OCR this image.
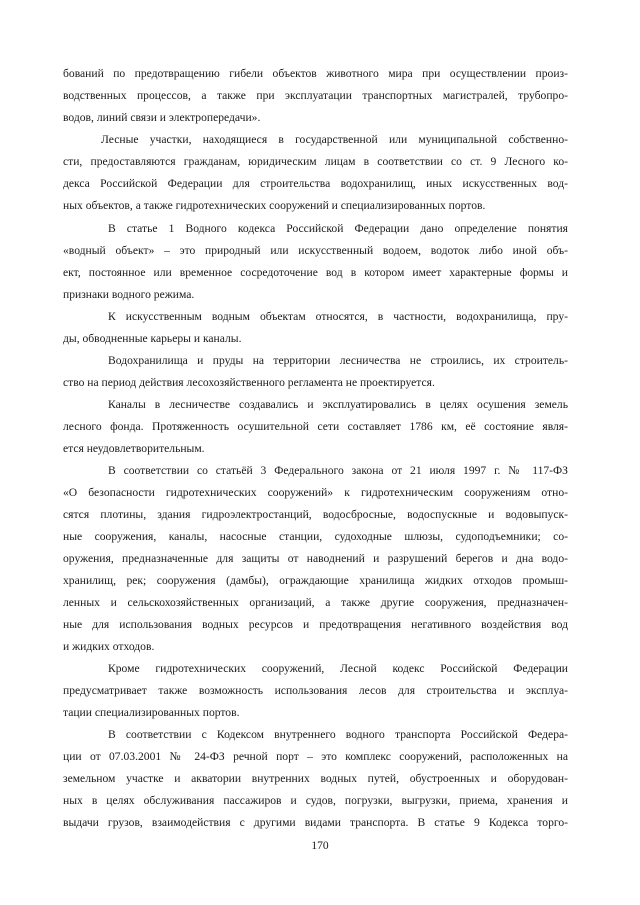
бований по предотвращению гибели объектов животного мира при осуществлении произ-
водственных процессов, а также при эксплуатации транспортных магистралей, трубопро-
водов, линий связи и электропередачи».
Лесные участки, находящиеся в государственной или муниципальной собственно-
сти, предоставляются гражданам, юридическим лицам в соответствии со ст. 9 Лесного ко-
декса Российской Федерации для строительства водохранилищ, иных искусственных вод-
ных объектов, а также гидротехнических сооружений и специализированных портов.
В статье 1 Водного кодекса Российской Федерации дано определение понятия
«водный объект» – это природный или искусственный водоем, водоток либо иной объ-
ект, постоянное или временное сосредоточение вод в котором имеет характерные формы и
признаки водного режима.
К искусственным водным объектам относятся, в частности, водохранилища, пру-
ды, обводненные карьеры и каналы.
Водохранилища и пруды на территории лесничества не строились, их строитель-
ство на период действия лесохозяйственного регламента не проектируется.
Каналы в лесничестве создавались и эксплуатировались в целях осушения земель
лесного фонда. Протяженность осушительной сети составляет 1786 км, её состояние явля-
ется неудовлетворительным.
В соответствии со статьёй 3 Федерального закона от 21 июля 1997 г. № 117-ФЗ
«О безопасности гидротехнических сооружений» к гидротехническим сооружениям отно-
сятся плотины, здания гидроэлектростанций, водосбросные, водоспускные и водовыпуск-
ные сооружения, каналы, насосные станции, судоходные шлюзы, судоподъемники; со-
оружения, предназначенные для защиты от наводнений и разрушений берегов и дна водо-
хранилищ, рек; сооружения (дамбы), ограждающие хранилища жидких отходов промыш-
ленных и сельскохозяйственных организаций, а также другие сооружения, предназначен-
ные для использования водных ресурсов и предотвращения негативного воздействия вод
и жидких отходов.
Кроме гидротехнических сооружений, Лесной кодекс Российской Федерации
предусматривает также возможность использования лесов для строительства и эксплуа-
тации специализированных портов.
В соответствии с Кодексом внутреннего водного транспорта Российской Федера-
ции от 07.03.2001 № 24-ФЗ речной порт – это комплекс сооружений, расположенных на
земельном участке и акватории внутренних водных путей, обустроенных и оборудован-
ных в целях обслуживания пассажиров и судов, погрузки, выгрузки, приема, хранения и
выдачи грузов, взаимодействия с другими видами транспорта. В статье 9 Кодекса торго-
170
